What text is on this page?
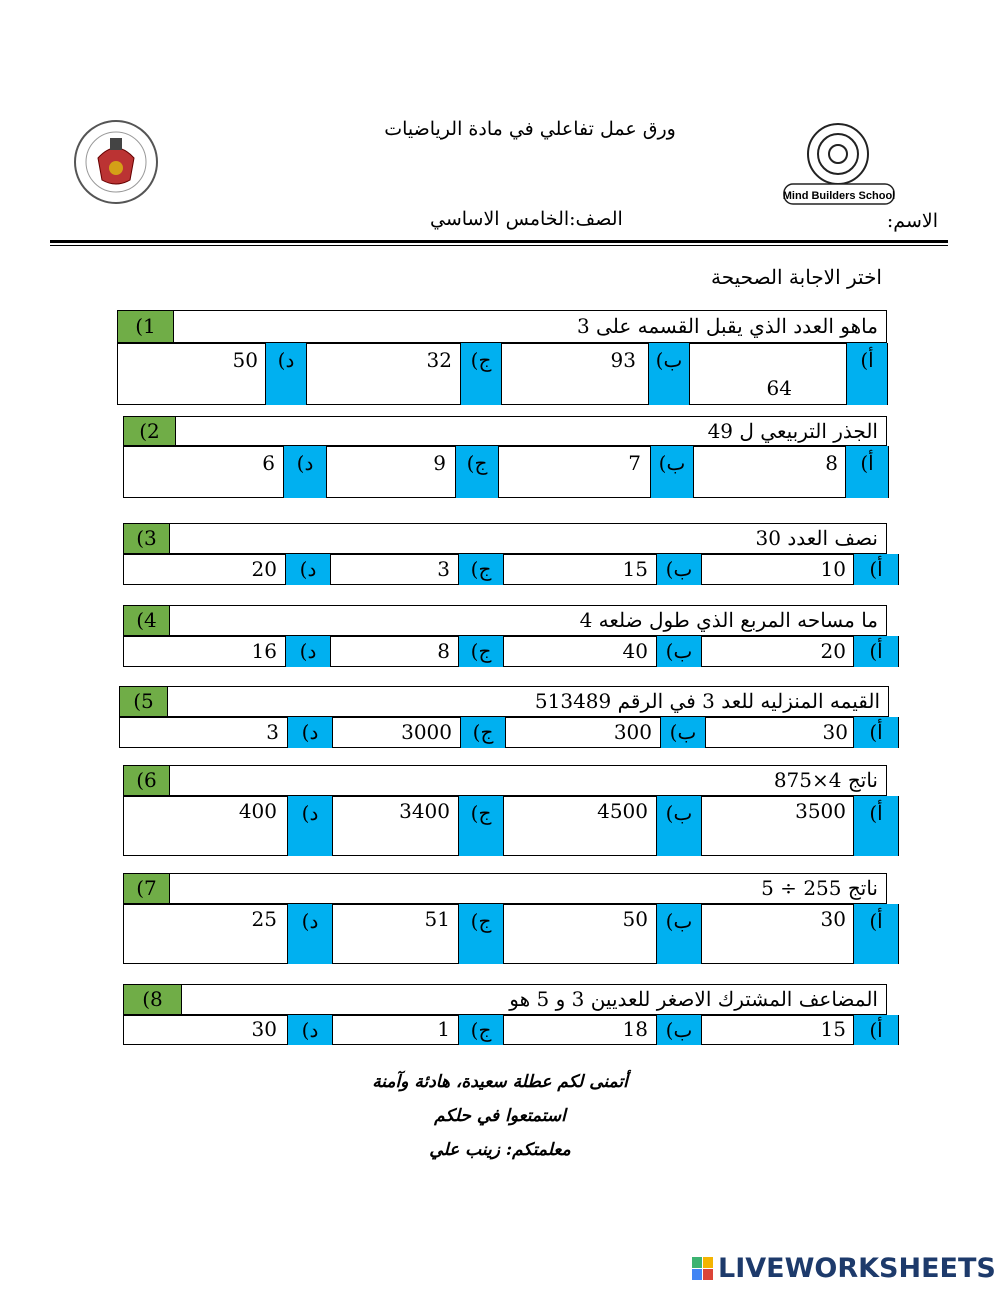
Mind Builders School
ورق عمل تفاعلي في مادة الرياضيات
الاسم:
الصف:الخامس الاساسي
اختر الاجابة الصحيحة
1)	ماهو العدد الذي يقبل القسمه على 3
أ)
64
ب)
93
ج)
32
د)
50
2)	الجذر التربيعي ل 49
أ)
8
ب)
7
ج)
9
د)
6
3)	نصف العدد 30
أ)
10
ب)
15
ج)
3
د)
20
4)	ما مساحه المربع الذي طول ضلعه 4
أ)
20
ب)
40
ج)
8
د)
16
5)	القيمه المنزليه للعد 3 في الرقم 513489
أ)
30
ب)
300
ج)
3000
د)
3
6)	ناتج 4×875
أ)
3500
ب)
4500
ج)
3400
د)
400
7)	ناتج 255 ÷ 5
أ)
30
ب)
50
ج)
51
د)
25
8)	المضاعف المشترك الاصغر للعديين 3 و 5 هو
أ)
15
ب)
18
ج)
1
د)
30
أتمنى لكم عطلة سعيدة، هادئة وآمنة
استمتعوا في حلكم
معلمتكم: زينب علي
LIVEWORKSHEETS
